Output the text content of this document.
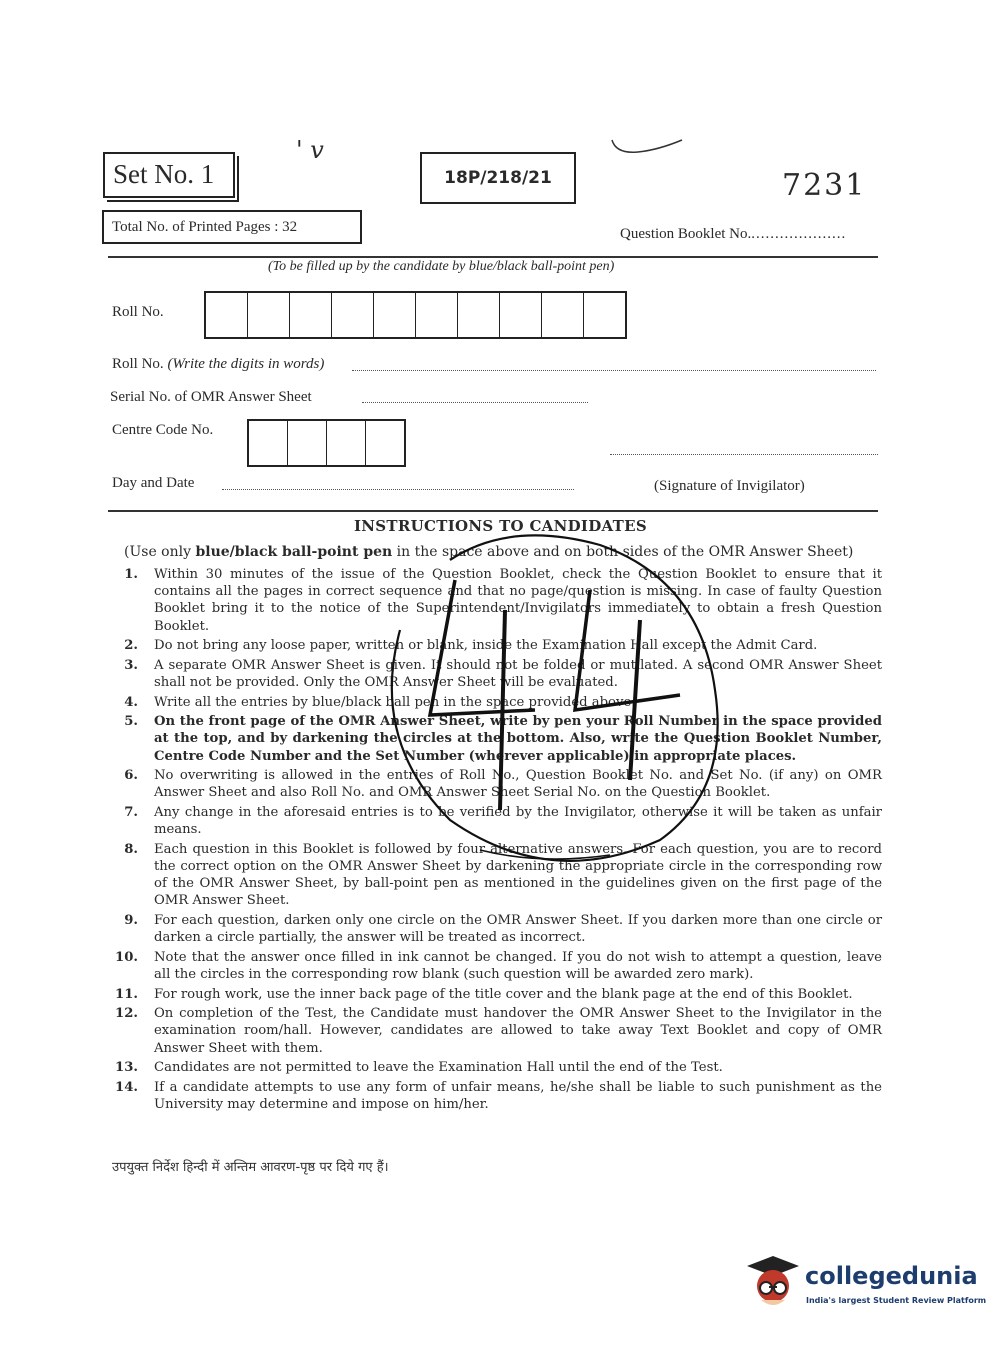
Set No. 1
' v
18P/218/21	7231
Total No. of Printed Pages : 32	Question Booklet No.....................
(To be filled up by the candidate by blue/black ball-point pen)
Roll No.
Roll No. (Write the digits in words)
Serial No. of OMR Answer Sheet
Centre Code No.
Day and Date	(Signature of Invigilator)
INSTRUCTIONS TO CANDIDATES
(Use only blue/black ball-point pen in the space above and on both sides of the OMR Answer Sheet)
1. Within 30 minutes of the issue of the Question Booklet, check the Question Booklet to ensure that it contains all the pages in correct sequence and that no page/question is missing. In case of faulty Question Booklet bring it to the notice of the Superintendent/Invigilators immediately to obtain a fresh Question Booklet.
2. Do not bring any loose paper, written or blank, inside the Examination Hall except the Admit Card.
3. A separate OMR Answer Sheet is given. It should not be folded or mutilated. A second OMR Answer Sheet shall not be provided. Only the OMR Answer Sheet will be evaluated.
4. Write all the entries by blue/black ball pen in the space provided above.
5. On the front page of the OMR Answer Sheet, write by pen your Roll Number in the space provided at the top, and by darkening the circles at the bottom. Also, write the Question Booklet Number, Centre Code Number and the Set Number (wherever applicable) in appropriate places.
6. No overwriting is allowed in the entries of Roll No., Question Booklet No. and Set No. (if any) on OMR Answer Sheet and also Roll No. and OMR Answer Sheet Serial No. on the Question Booklet.
7. Any change in the aforesaid entries is to be verified by the Invigilator, otherwise it will be taken as unfair means.
8. Each question in this Booklet is followed by four alternative answers. For each question, you are to record the correct option on the OMR Answer Sheet by darkening the appropriate circle in the corresponding row of the OMR Answer Sheet, by ball-point pen as mentioned in the guidelines given on the first page of the OMR Answer Sheet.
9. For each question, darken only one circle on the OMR Answer Sheet. If you darken more than one circle or darken a circle partially, the answer will be treated as incorrect.
10. Note that the answer once filled in ink cannot be changed. If you do not wish to attempt a question, leave all the circles in the corresponding row blank (such question will be awarded zero mark).
11. For rough work, use the inner back page of the title cover and the blank page at the end of this Booklet.
12. On completion of the Test, the Candidate must handover the OMR Answer Sheet to the Invigilator in the examination room/hall. However, candidates are allowed to take away Text Booklet and copy of OMR Answer Sheet with them.
13. Candidates are not permitted to leave the Examination Hall until the end of the Test.
14. If a candidate attempts to use any form of unfair means, he/she shall be liable to such punishment as the University may determine and impose on him/her.
उपयुक्त निर्देश हिन्दी में अन्तिम आवरण-पृष्ठ पर दिये गए हैं।
collegedunia
India's largest Student Review Platform
